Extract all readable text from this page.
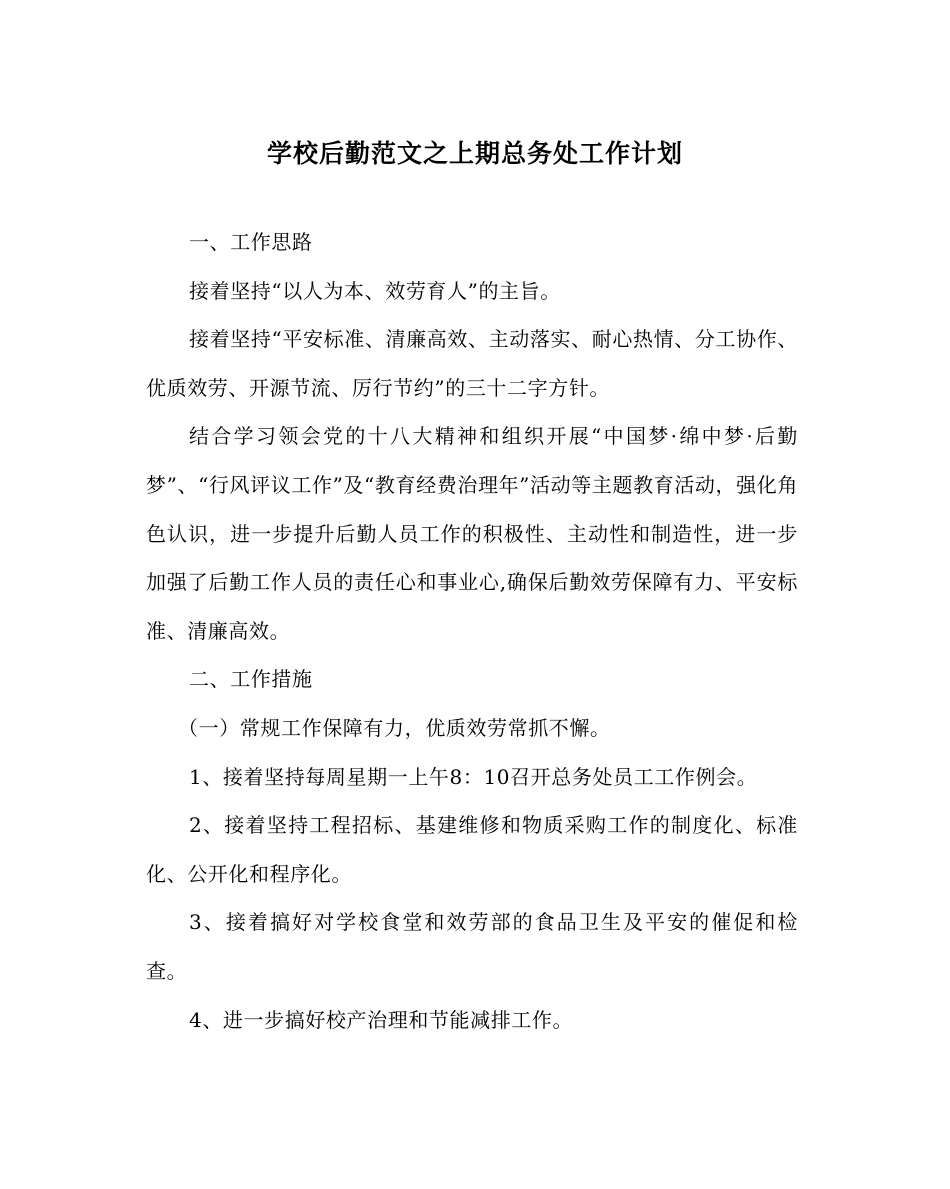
学校后勤范文之上期总务处工作计划

一、工作思路

接着坚持“以人为本、效劳育人”的主旨。

接着坚持“平安标准、清廉高效、主动落实、耐心热情、分工协作、优质效劳、开源节流、厉行节约”的三十二字方针。

结合学习领会党的十八大精神和组织开展“中国梦·绵中梦·后勤梦”、“行风评议工作”及“教育经费治理年”活动等主题教育活动，强化角色认识，进一步提升后勤人员工作的积极性、主动性和制造性，进一步加强了后勤工作人员的责任心和事业心,确保后勤效劳保障有力、平安标准、清廉高效。

二、工作措施

（一）常规工作保障有力，优质效劳常抓不懈。

1、接着坚持每周星期一上午8：10召开总务处员工工作例会。

2、接着坚持工程招标、基建维修和物质采购工作的制度化、标准化、公开化和程序化。

3、接着搞好对学校食堂和效劳部的食品卫生及平安的催促和检查。

4、进一步搞好校产治理和节能减排工作。
